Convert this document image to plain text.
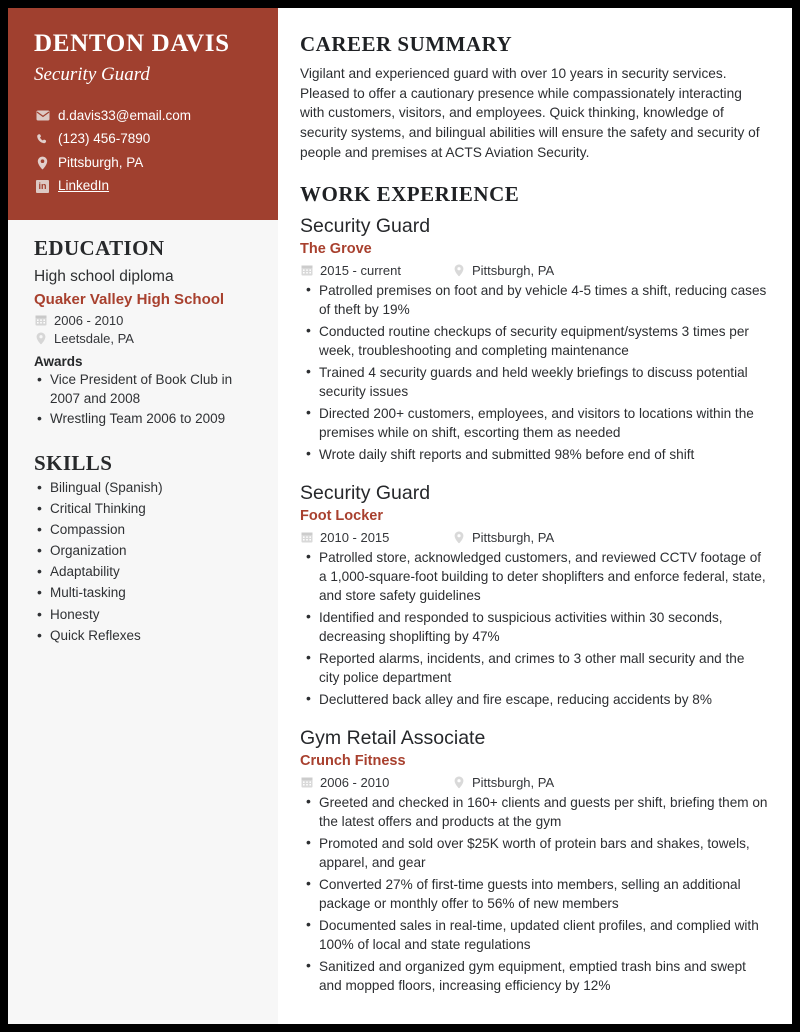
DENTON DAVIS
Security Guard
d.davis33@email.com
(123) 456-7890
Pittsburgh, PA
in LinkedIn
EDUCATION
High school diploma
Quaker Valley High School
2006 - 2010
Leetsdale, PA
Awards
• Vice President of Book Club in 2007 and 2008
• Wrestling Team 2006 to 2009
SKILLS
• Bilingual (Spanish)
• Critical Thinking
• Compassion
• Organization
• Adaptability
• Multi-tasking
• Honesty
• Quick Reflexes
CAREER SUMMARY

Vigilant and experienced guard with over 10 years in security services. Pleased to offer a cautionary presence while compassionately interacting with customers, visitors, and employees. Quick thinking, knowledge of security systems, and bilingual abilities will ensure the safety and security of people and premises at ACTS Aviation Security.

WORK EXPERIENCE
Security Guard
The Grove
2015 - current	Pittsburgh, PA
• Patrolled premises on foot and by vehicle 4-5 times a shift, reducing cases of theft by 19%
• Conducted routine checkups of security equipment/systems 3 times per week, troubleshooting and completing maintenance
• Trained 4 security guards and held weekly briefings to discuss potential security issues
• Directed 200+ customers, employees, and visitors to locations within the premises while on shift, escorting them as needed
• Wrote daily shift reports and submitted 98% before end of shift
Security Guard
Foot Locker
2010 - 2015	Pittsburgh, PA
• Patrolled store, acknowledged customers, and reviewed CCTV footage of a 1,000-square-foot building to deter shoplifters and enforce federal, state, and store safety guidelines
• Identified and responded to suspicious activities within 30 seconds, decreasing shoplifting by 47%
• Reported alarms, incidents, and crimes to 3 other mall security and the city police department
• Decluttered back alley and fire escape, reducing accidents by 8%
Gym Retail Associate
Crunch Fitness
2006 - 2010	Pittsburgh, PA
• Greeted and checked in 160+ clients and guests per shift, briefing them on the latest offers and products at the gym
• Promoted and sold over $25K worth of protein bars and shakes, towels, apparel, and gear
• Converted 27% of first-time guests into members, selling an additional package or monthly offer to 56% of new members
• Documented sales in real-time, updated client profiles, and complied with 100% of local and state regulations
• Sanitized and organized gym equipment, emptied trash bins and swept and mopped floors, increasing efficiency by 12%
